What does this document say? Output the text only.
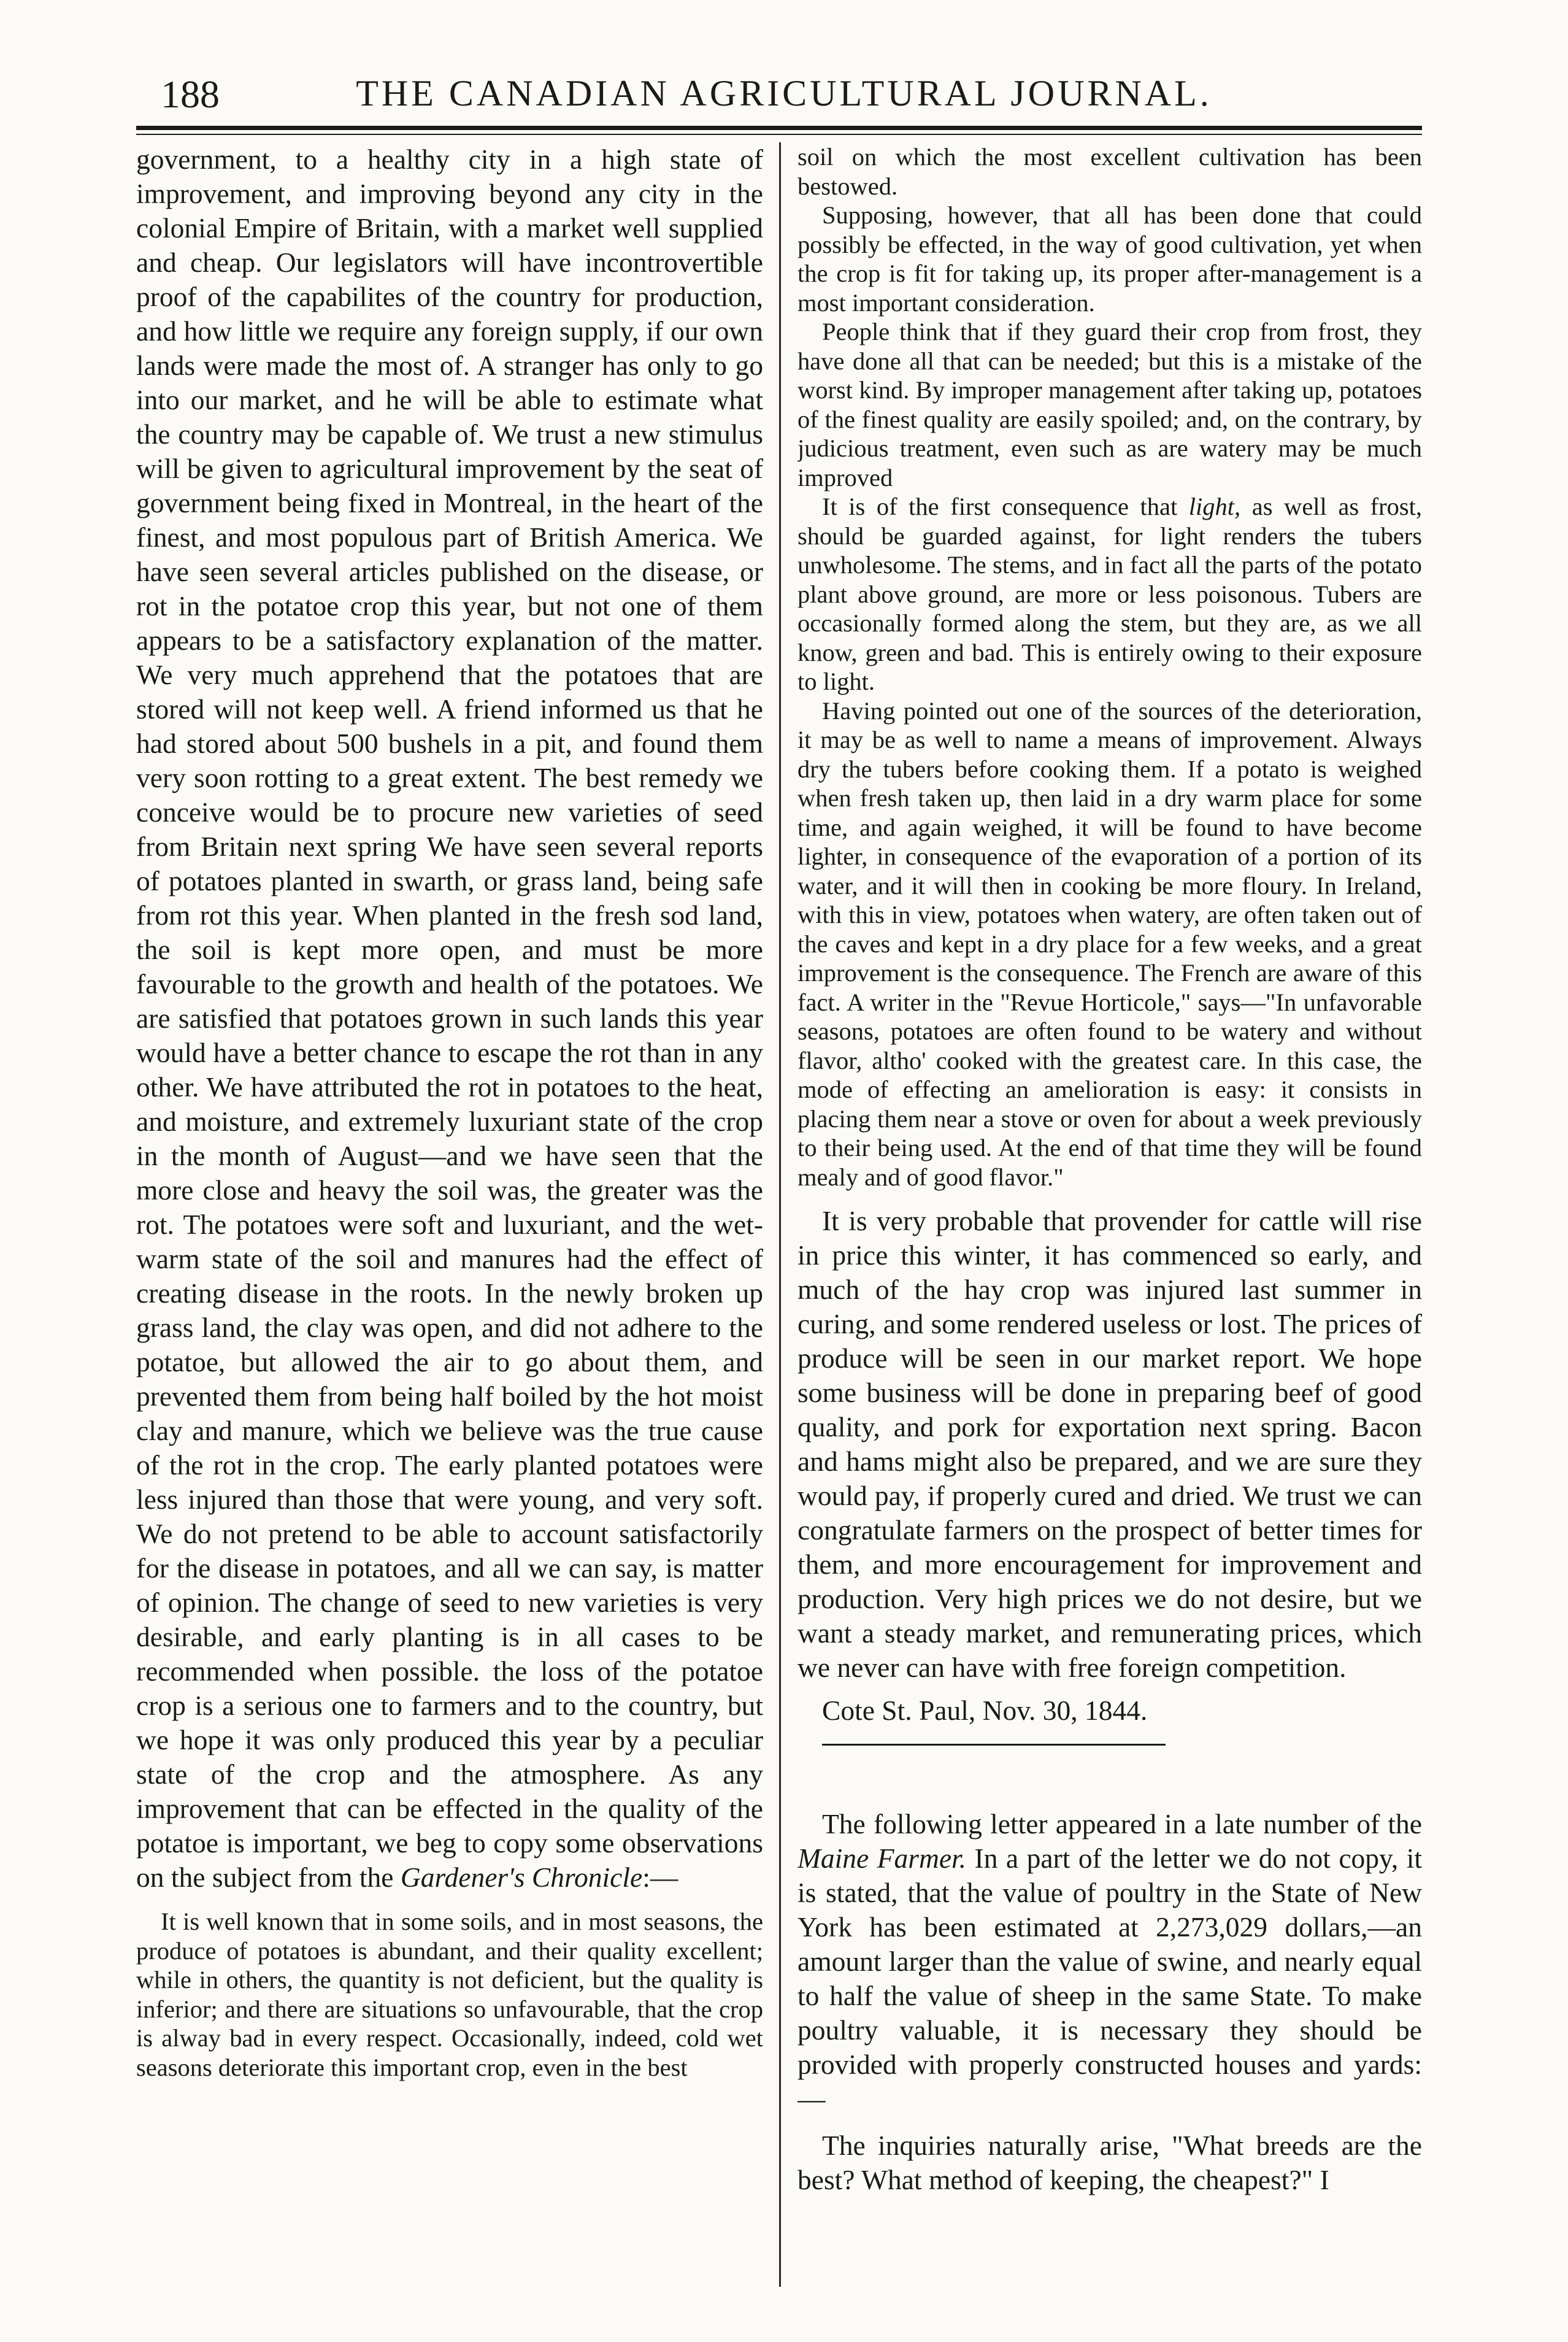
188	THE CANADIAN AGRICULTURAL JOURNAL.

government, to a healthy city in a high state of improvement, and improving beyond any city in the colonial Empire of Britain, with a market well supplied and cheap. Our legislators will have incontrovertible proof of the capabilites of the country for production, and how little we require any foreign supply, if our own lands were made the most of. A stranger has only to go into our market, and he will be able to estimate what the country may be capable of. We trust a new stimulus will be given to agricultural improvement by the seat of government being fixed in Montreal, in the heart of the finest, and most populous part of British America. We have seen several articles published on the disease, or rot in the potatoe crop this year, but not one of them appears to be a satisfactory explanation of the matter. We very much apprehend that the potatoes that are stored will not keep well. A friend informed us that he had stored about 500 bushels in a pit, and found them very soon rotting to a great extent. The best remedy we conceive would be to procure new varieties of seed from Britain next spring We have seen several reports of potatoes planted in swarth, or grass land, being safe from rot this year. When planted in the fresh sod land, the soil is kept more open, and must be more favourable to the growth and health of the potatoes. We are satisfied that potatoes grown in such lands this year would have a better chance to escape the rot than in any other. We have attributed the rot in potatoes to the heat, and moisture, and extremely luxuriant state of the crop in the month of August—and we have seen that the more close and heavy the soil was, the greater was the rot. The potatoes were soft and luxuriant, and the wet-warm state of the soil and manures had the effect of creating disease in the roots. In the newly broken up grass land, the clay was open, and did not adhere to the potatoe, but allowed the air to go about them, and prevented them from being half boiled by the hot moist clay and manure, which we believe was the true cause of the rot in the crop. The early planted potatoes were less injured than those that were young, and very soft. We do not pretend to be able to account satisfactorily for the disease in potatoes, and all we can say, is matter of opinion. The change of seed to new varieties is very desirable, and early planting is in all cases to be recommended when possible. the loss of the potatoe crop is a serious one to farmers and to the country, but we hope it was only produced this year by a peculiar state of the crop and the atmosphere. As any improvement that can be effected in the quality of the potatoe is important, we beg to copy some observations on the subject from the Gardener's Chronicle:—

It is well known that in some soils, and in most seasons, the produce of potatoes is abundant, and their quality excellent; while in others, the quantity is not deficient, but the quality is inferior; and there are situations so unfavourable, that the crop is alway bad in every respect. Occasionally, indeed, cold wet seasons deteriorate this important crop, even in the best

soil on which the most excellent cultivation has been bestowed.

Supposing, however, that all has been done that could possibly be effected, in the way of good cultivation, yet when the crop is fit for taking up, its proper after-management is a most important consideration.

People think that if they guard their crop from frost, they have done all that can be needed; but this is a mistake of the worst kind. By improper management after taking up, potatoes of the finest quality are easily spoiled; and, on the contrary, by judicious treatment, even such as are watery may be much improved

It is of the first consequence that light, as well as frost, should be guarded against, for light renders the tubers unwholesome. The stems, and in fact all the parts of the potato plant above ground, are more or less poisonous. Tubers are occasionally formed along the stem, but they are, as we all know, green and bad. This is entirely owing to their exposure to light.

Having pointed out one of the sources of the deterioration, it may be as well to name a means of improvement. Always dry the tubers before cooking them. If a potato is weighed when fresh taken up, then laid in a dry warm place for some time, and again weighed, it will be found to have become lighter, in consequence of the evaporation of a portion of its water, and it will then in cooking be more floury. In Ireland, with this in view, potatoes when watery, are often taken out of the caves and kept in a dry place for a few weeks, and a great improvement is the consequence. The French are aware of this fact. A writer in the "Revue Horticole," says—"In unfavorable seasons, potatoes are often found to be watery and without flavor, altho' cooked with the greatest care. In this case, the mode of effecting an amelioration is easy: it consists in placing them near a stove or oven for about a week previously to their being used. At the end of that time they will be found mealy and of good flavor."

It is very probable that provender for cattle will rise in price this winter, it has commenced so early, and much of the hay crop was injured last summer in curing, and some rendered useless or lost. The prices of produce will be seen in our market report. We hope some business will be done in preparing beef of good quality, and pork for exportation next spring. Bacon and hams might also be prepared, and we are sure they would pay, if properly cured and dried. We trust we can congratulate farmers on the prospect of better times for them, and more encouragement for improvement and production. Very high prices we do not desire, but we want a steady market, and remunerating prices, which we never can have with free foreign competition.

Cote St. Paul, Nov. 30, 1844.

The following letter appeared in a late number of the Maine Farmer. In a part of the letter we do not copy, it is stated, that the value of poultry in the State of New York has been estimated at 2,273,029 dollars,—an amount larger than the value of swine, and nearly equal to half the value of sheep in the same State. To make poultry valuable, it is necessary they should be provided with properly constructed houses and yards:—

The inquiries naturally arise, "What breeds are the best? What method of keeping, the cheapest?" I
